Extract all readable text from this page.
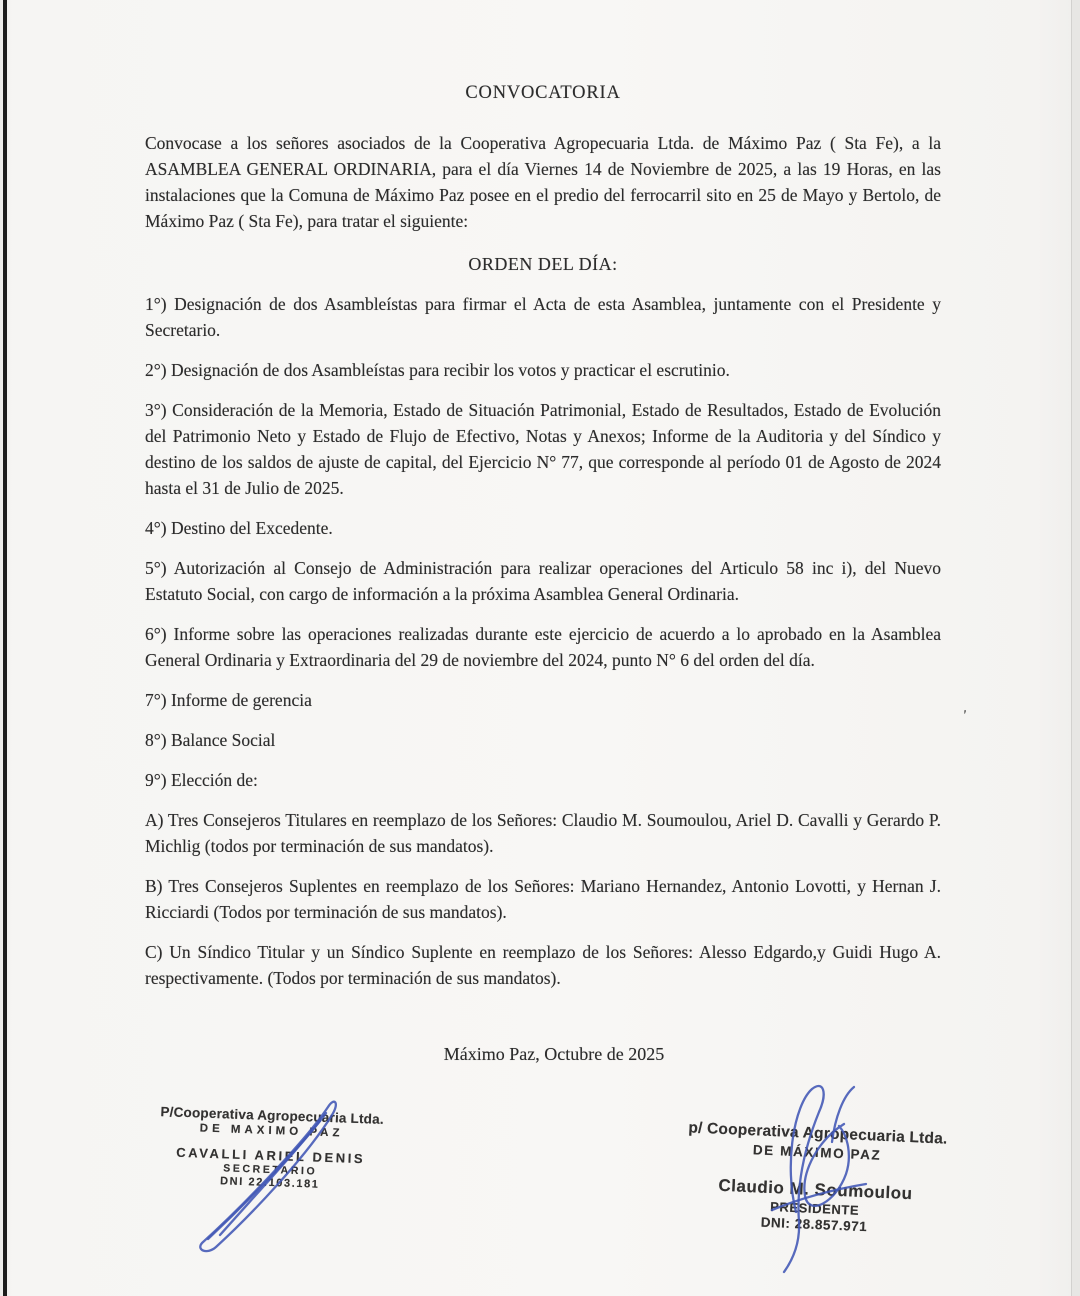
CONVOCATORIA

Convocase a los señores asociados de la Cooperativa Agropecuaria Ltda. de Máximo Paz ( Sta Fe), a la ASAMBLEA GENERAL ORDINARIA, para el día Viernes 14 de Noviembre de 2025, a las 19 Horas, en las instalaciones que la Comuna de Máximo Paz posee en el predio del ferrocarril sito en 25 de Mayo y Bertolo, de Máximo Paz ( Sta Fe), para tratar el siguiente:

ORDEN DEL DÍA:

1°) Designación de dos Asambleístas para firmar el Acta de esta Asamblea, juntamente con el Presidente y Secretario.

2°) Designación de dos Asambleístas para recibir los votos y practicar el escrutinio.

3°) Consideración de la Memoria, Estado de Situación Patrimonial, Estado de Resultados, Estado de Evolución del Patrimonio Neto y Estado de Flujo de Efectivo, Notas y Anexos; Informe de la Auditoria y del Síndico y destino de los saldos de ajuste de capital, del Ejercicio N° 77, que corresponde al período 01 de Agosto de 2024 hasta el 31 de Julio de 2025.

4°) Destino del Excedente.

5°) Autorización al Consejo de Administración para realizar operaciones del Articulo 58 inc i), del Nuevo Estatuto Social, con cargo de información a la próxima Asamblea General Ordinaria.

6°) Informe sobre las operaciones realizadas durante este ejercicio de acuerdo a lo aprobado en la Asamblea General Ordinaria y Extraordinaria del 29 de noviembre del 2024, punto N° 6 del orden del día.

7°) Informe de gerencia

8°) Balance Social

9°) Elección de:

A) Tres Consejeros Titulares en reemplazo de los Señores: Claudio M. Soumoulou, Ariel D. Cavalli y Gerardo P. Michlig (todos por terminación de sus mandatos).

B) Tres Consejeros Suplentes en reemplazo de los Señores: Mariano Hernandez, Antonio Lovotti, y Hernan J. Ricciardi (Todos por terminación de sus mandatos).

C) Un Síndico Titular y un Síndico Suplente en reemplazo de los Señores: Alesso Edgardo,y Guidi Hugo A. respectivamente. (Todos por terminación de sus mandatos).

Máximo Paz, Octubre de 2025

'
P/Cooperativa Agropecuaria Ltda.
DE MAXIMO PAZ
CAVALLI ARIEL DENIS
SECRETARIO
DNI 22.103.181
p/ Cooperativa Agropecuaria Ltda.
DE MÁXIMO PAZ
Claudio M. Soumoulou
PRESIDENTE
DNI: 28.857.971
